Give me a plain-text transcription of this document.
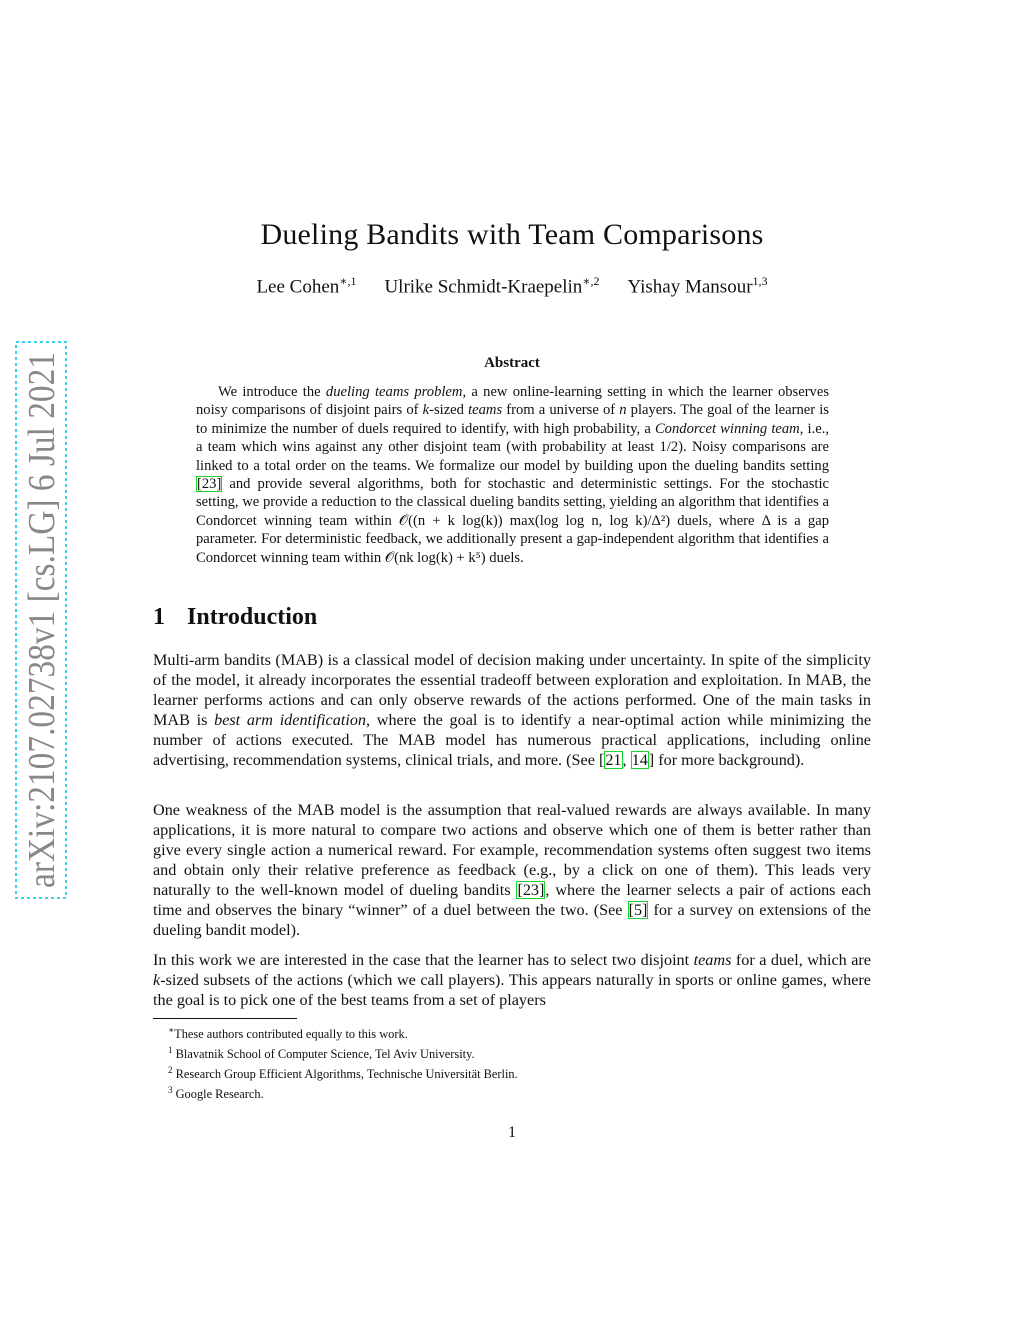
arXiv:2107.02738v1 [cs.LG] 6 Jul 2021
Dueling Bandits with Team Comparisons
Lee Cohen$^{∗,1}$ Ulrike Schmidt-Kraepelin$^{∗,2}$ Yishay Mansour$^{1,3}$
Abstract
We introduce the dueling teams problem, a new online-learning setting in which the learner observes noisy comparisons of disjoint pairs of k-sized teams from a universe of n players. The goal of the learner is to minimize the number of duels required to identify, with high probability, a Condorcet winning team, i.e., a team which wins against any other disjoint team (with probability at least 1/2). Noisy comparisons are linked to a total order on the teams. We formalize our model by building upon the dueling bandits setting [23] and provide several algorithms, both for stochastic and deterministic settings. For the stochastic setting, we provide a reduction to the classical dueling bandits setting, yielding an algorithm that identifies a Condorcet winning team within 𝒪((n + k log(k)) max(log log n, log k)/Δ²) duels, where Δ is a gap parameter. For deterministic feedback, we additionally present a gap-independent algorithm that identifies a Condorcet winning team within 𝒪(nk log(k) + k⁵) duels.
1 Introduction
Multi-arm bandits (MAB) is a classical model of decision making under uncertainty. In spite of the simplicity of the model, it already incorporates the essential tradeoff between exploration and exploitation. In MAB, the learner performs actions and can only observe rewards of the actions performed. One of the main tasks in MAB is best arm identification, where the goal is to identify a near-optimal action while minimizing the number of actions executed. The MAB model has numerous practical applications, including online advertising, recommendation systems, clinical trials, and more. (See [21, 14] for more background).
One weakness of the MAB model is the assumption that real-valued rewards are always available. In many applications, it is more natural to compare two actions and observe which one of them is better rather than give every single action a numerical reward. For example, recommendation systems often suggest two items and obtain only their relative preference as feedback (e.g., by a click on one of them). This leads very naturally to the well-known model of dueling bandits [23], where the learner selects a pair of actions each time and observes the binary “winner” of a duel between the two. (See [5] for a survey on extensions of the dueling bandit model).
In this work we are interested in the case that the learner has to select two disjoint teams for a duel, which are k-sized subsets of the actions (which we call players). This appears naturally in sports or online games, where the goal is to pick one of the best teams from a set of players
∗These authors contributed equally to this work.
$^1$ Blavatnik School of Computer Science, Tel Aviv University.
$^2$ Research Group Efficient Algorithms, Technische Universität Berlin.
$^3$ Google Research.
1
